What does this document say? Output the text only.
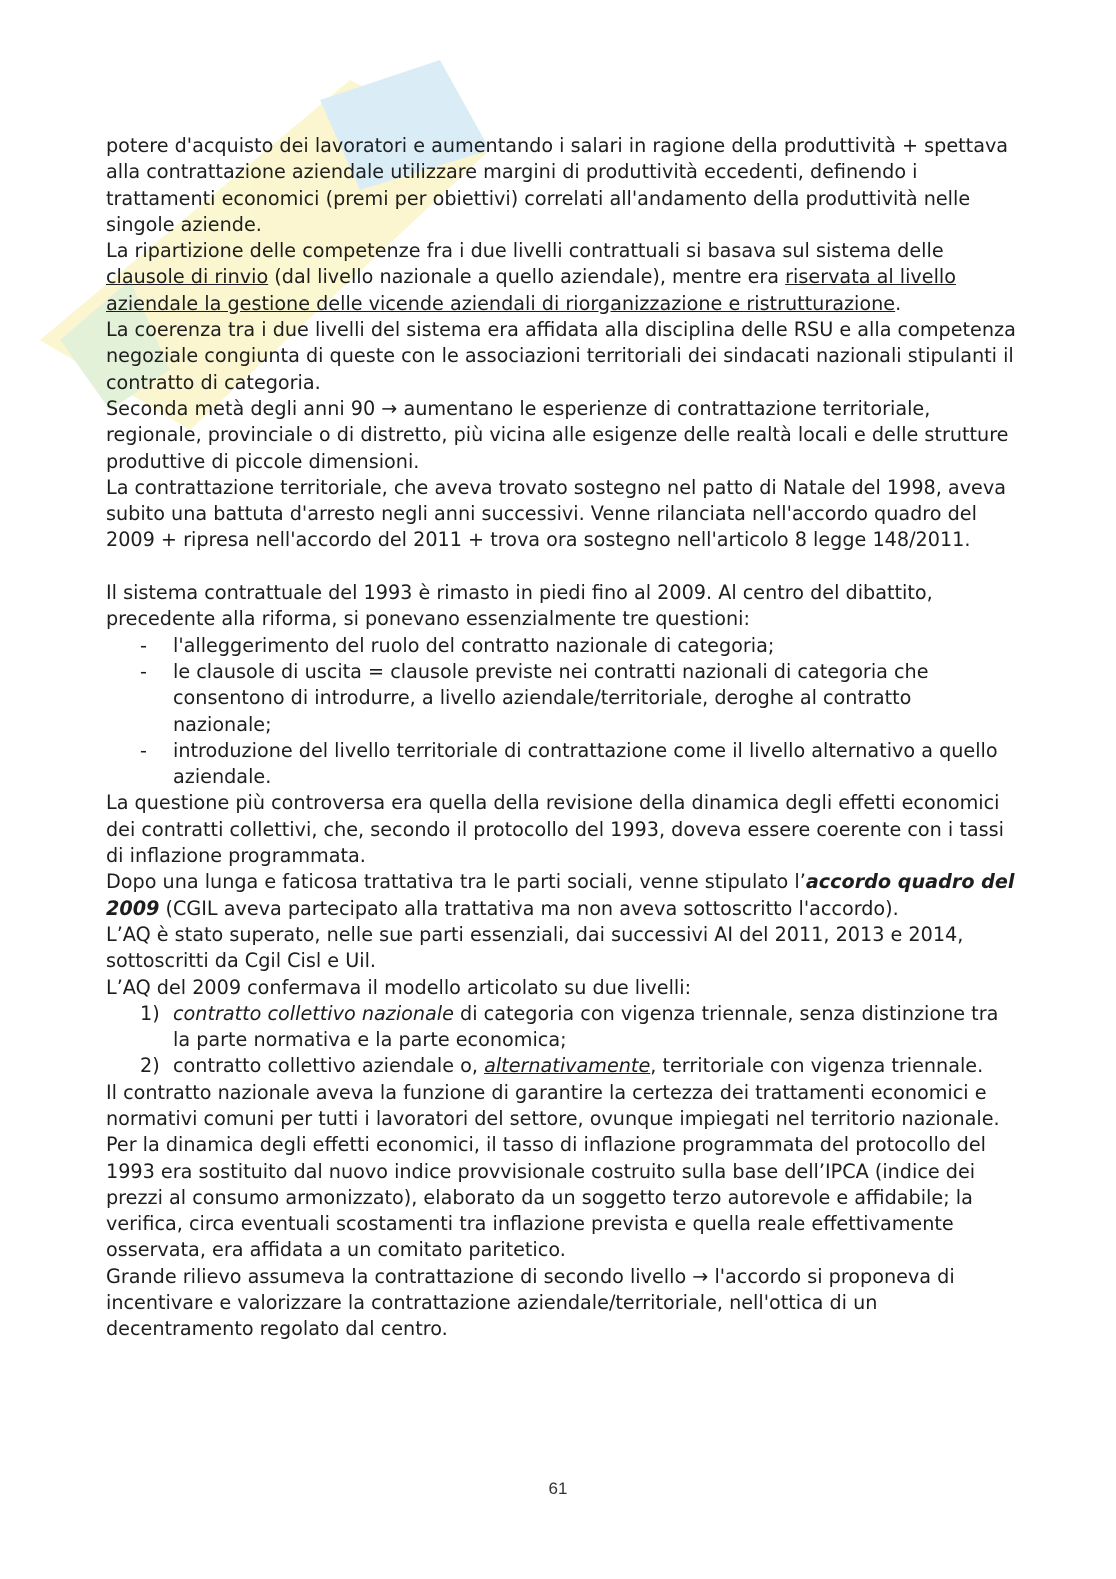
potere d'acquisto dei lavoratori e aumentando i salari in ragione della produttività + spettava alla contrattazione aziendale utilizzare margini di produttività eccedenti, definendo i trattamenti economici (premi per obiettivi) correlati all'andamento della produttività nelle singole aziende.

La ripartizione delle competenze fra i due livelli contrattuali si basava sul sistema delle clausole di rinvio (dal livello nazionale a quello aziendale), mentre era riservata al livello aziendale la gestione delle vicende aziendali di riorganizzazione e ristrutturazione.

La coerenza tra i due livelli del sistema era affidata alla disciplina delle RSU e alla competenza negoziale congiunta di queste con le associazioni territoriali dei sindacati nazionali stipulanti il contratto di categoria.

Seconda metà degli anni 90 → aumentano le esperienze di contrattazione territoriale, regionale, provinciale o di distretto, più vicina alle esigenze delle realtà locali e delle strutture produttive di piccole dimensioni.

La contrattazione territoriale, che aveva trovato sostegno nel patto di Natale del 1998, aveva subito una battuta d'arresto negli anni successivi. Venne rilanciata nell'accordo quadro del 2009 + ripresa nell'accordo del 2011 + trova ora sostegno nell'articolo 8 legge 148/2011.

Il sistema contrattuale del 1993 è rimasto in piedi fino al 2009. Al centro del dibattito, precedente alla riforma, si ponevano essenzialmente tre questioni:

- l'alleggerimento del ruolo del contratto nazionale di categoria;
- le clausole di uscita = clausole previste nei contratti nazionali di categoria che consentono di introdurre, a livello aziendale/territoriale, deroghe al contratto nazionale;
- introduzione del livello territoriale di contrattazione come il livello alternativo a quello aziendale.

La questione più controversa era quella della revisione della dinamica degli effetti economici dei contratti collettivi, che, secondo il protocollo del 1993, doveva essere coerente con i tassi di inflazione programmata.

Dopo una lunga e faticosa trattativa tra le parti sociali, venne stipulato l’accordo quadro del 2009 (CGIL aveva partecipato alla trattativa ma non aveva sottoscritto l'accordo).

L’AQ è stato superato, nelle sue parti essenziali, dai successivi AI del 2011, 2013 e 2014, sottoscritti da Cgil Cisl e Uil.

L’AQ del 2009 confermava il modello articolato su due livelli:

1) contratto collettivo nazionale di categoria con vigenza triennale, senza distinzione tra la parte normativa e la parte economica;
2) contratto collettivo aziendale o, alternativamente, territoriale con vigenza triennale.

Il contratto nazionale aveva la funzione di garantire la certezza dei trattamenti economici e normativi comuni per tutti i lavoratori del settore, ovunque impiegati nel territorio nazionale.

Per la dinamica degli effetti economici, il tasso di inflazione programmata del protocollo del 1993 era sostituito dal nuovo indice provvisionale costruito sulla base dell’IPCA (indice dei prezzi al consumo armonizzato), elaborato da un soggetto terzo autorevole e affidabile; la verifica, circa eventuali scostamenti tra inflazione prevista e quella reale effettivamente osservata, era affidata a un comitato paritetico.

Grande rilievo assumeva la contrattazione di secondo livello → l'accordo si proponeva di incentivare e valorizzare la contrattazione aziendale/territoriale, nell'ottica di un decentramento regolato dal centro.

61
